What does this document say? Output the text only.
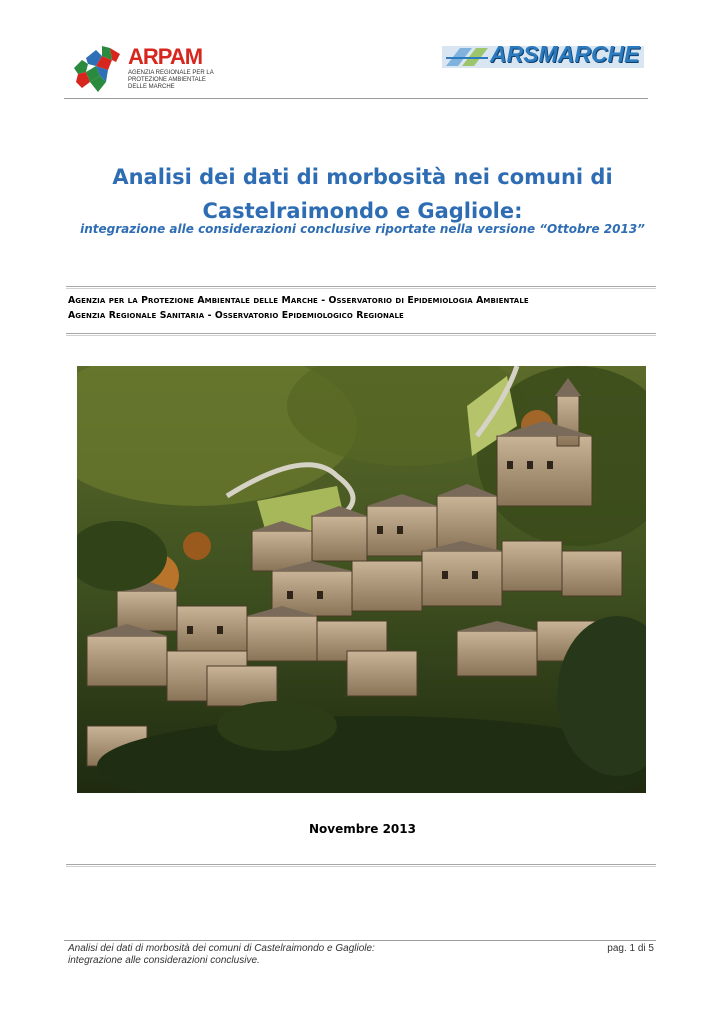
ARPAM
AGENZIA REGIONALE PER LA PROTEZIONE AMBIENTALE DELLE MARCHE
ARSMARCHE
Analisi dei dati di morbosità nei comuni di
Castelraimondo e Gagliole:
integrazione alle considerazioni conclusive riportate nella versione “Ottobre 2013”
Agenzia per la Protezione Ambientale delle Marche - Osservatorio di Epidemiologia Ambientale
Agenzia Regionale Sanitaria - Osservatorio Epidemiologico Regionale
Novembre 2013
Analisi dei dati di morbosità dei comuni di Castelraimondo e Gagliole:
integrazione alle considerazioni conclusive.
pag. 1 di 5
